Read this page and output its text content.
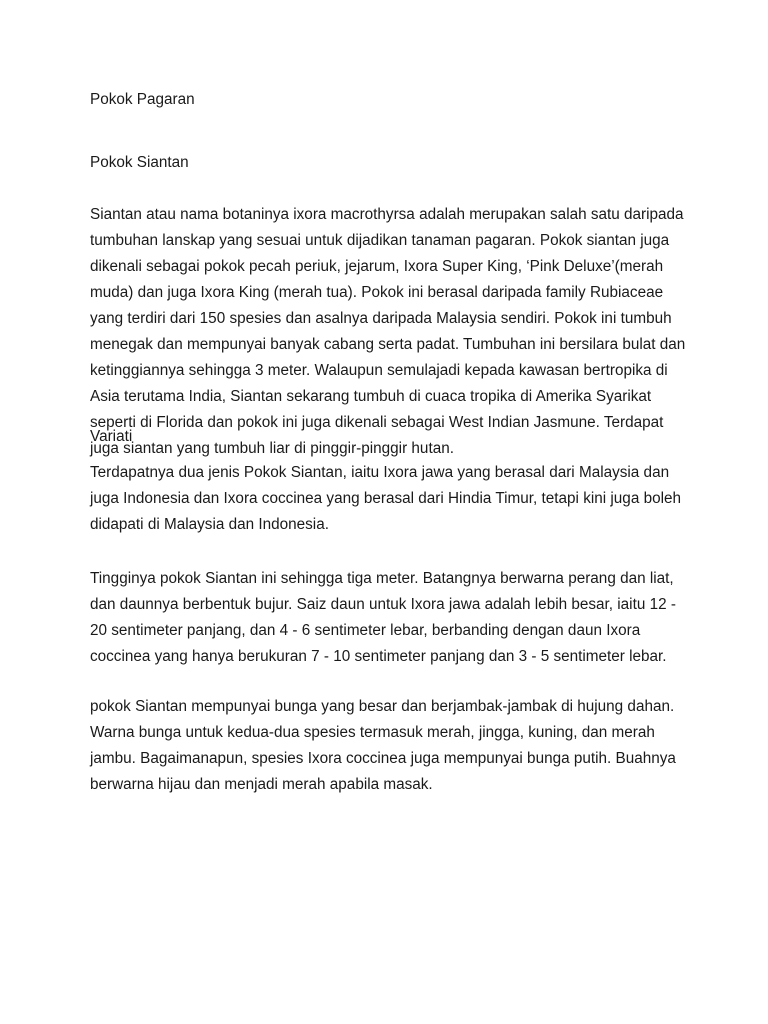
Pokok Pagaran

Pokok Siantan

Siantan atau nama botaninya ixora macrothyrsa adalah merupakan salah satu daripada
tumbuhan lanskap yang sesuai untuk dijadikan tanaman pagaran. Pokok siantan juga
dikenali sebagai pokok pecah periuk, jejarum, Ixora Super King, ‘Pink Deluxe’(merah
muda) dan juga Ixora King (merah tua). Pokok ini berasal daripada family Rubiaceae
yang terdiri dari 150 spesies dan asalnya daripada Malaysia sendiri. Pokok ini tumbuh
menegak dan mempunyai banyak cabang serta padat. Tumbuhan ini bersilara bulat dan
ketinggiannya sehingga 3 meter. Walaupun semulajadi kepada kawasan bertropika di
Asia terutama India, Siantan sekarang tumbuh di cuaca tropika di Amerika Syarikat
seperti di Florida dan pokok ini juga dikenali sebagai West Indian Jasmune. Terdapat
juga siantan yang tumbuh liar di pinggir-pinggir hutan.

Variati

Terdapatnya dua jenis Pokok Siantan, iaitu Ixora jawa yang berasal dari Malaysia dan
juga Indonesia dan Ixora coccinea yang berasal dari Hindia Timur, tetapi kini juga boleh
didapati di Malaysia dan Indonesia.

Tingginya pokok Siantan ini sehingga tiga meter. Batangnya berwarna perang dan liat,
dan daunnya berbentuk bujur. Saiz daun untuk Ixora jawa adalah lebih besar, iaitu 12 -
20 sentimeter panjang, dan 4 - 6 sentimeter lebar, berbanding dengan daun Ixora
coccinea yang hanya berukuran 7 - 10 sentimeter panjang dan 3 - 5 sentimeter lebar.

pokok Siantan mempunyai bunga yang besar dan berjambak-jambak di hujung dahan.
Warna bunga untuk kedua-dua spesies termasuk merah, jingga, kuning, dan merah
jambu. Bagaimanapun, spesies Ixora coccinea juga mempunyai bunga putih. Buahnya
berwarna hijau dan menjadi merah apabila masak.
